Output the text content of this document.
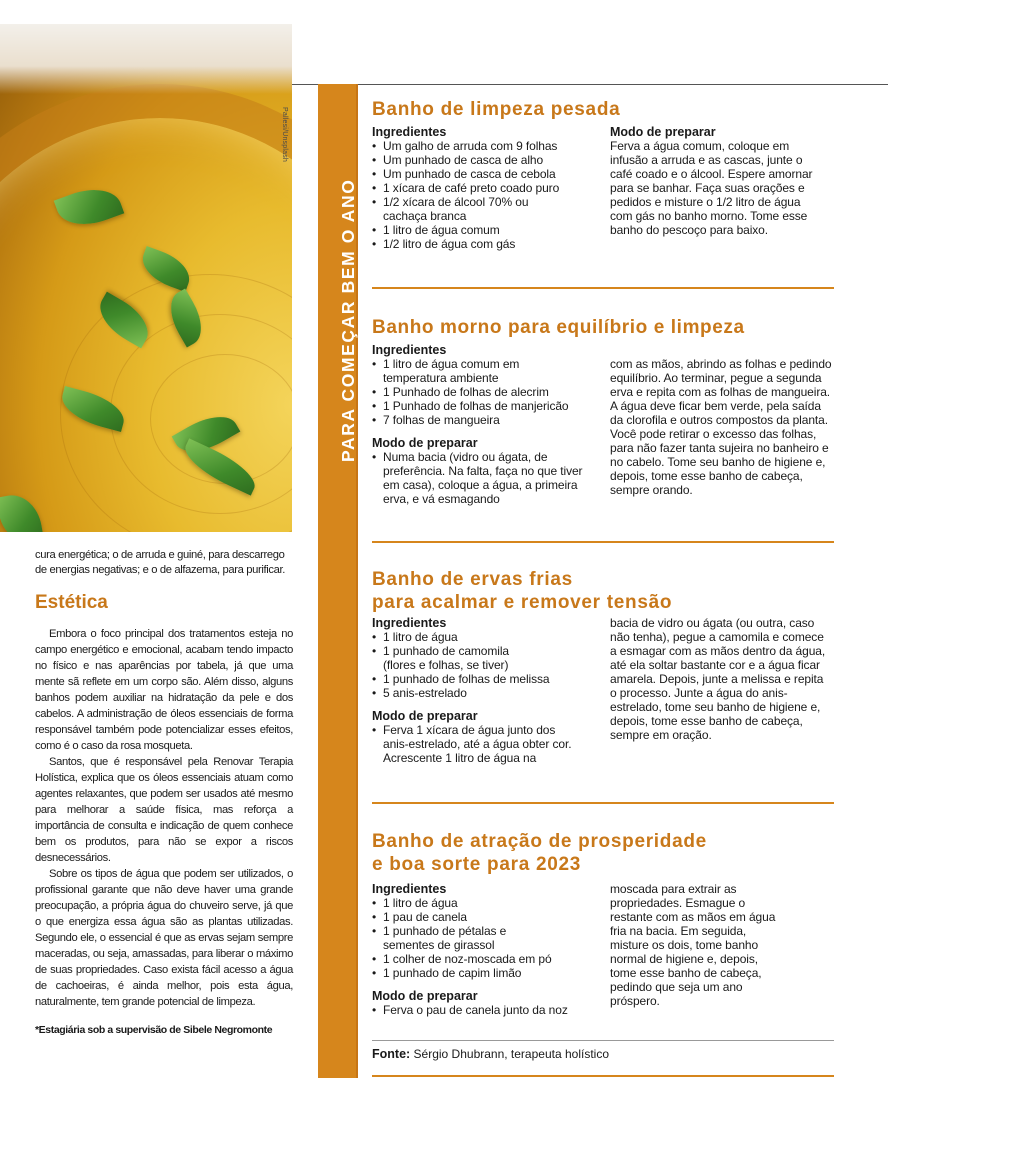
Pallesi/Unsplash

cura energética; o de arruda e guiné, para descarrego de energias negativas; e o de alfazema, para purificar.

Estética

Embora o foco principal dos tratamentos esteja no campo energético e emocional, acabam tendo impacto no físico e nas aparências por tabela, já que uma mente sã reflete em um corpo são. Além disso, alguns banhos podem auxiliar na hidratação da pele e dos cabelos. A administração de óleos essenciais de forma responsável também pode potencializar esses efeitos, como é o caso da rosa mosqueta.

Santos, que é responsável pela Renovar Terapia Holística, explica que os óleos essenciais atuam como agentes relaxantes, que podem ser usados até mesmo para melhorar a saúde física, mas reforça a importância de consulta e indicação de quem conhece bem os produtos, para não se expor a riscos desnecessários.

Sobre os tipos de água que podem ser utilizados, o profissional garante que não deve haver uma grande preocupação, a própria água do chuveiro serve, já que o que energiza essa água são as plantas utilizadas. Segundo ele, o essencial é que as ervas sejam sempre maceradas, ou seja, amassadas, para liberar o máximo de suas propriedades. Caso exista fácil acesso a água de cachoeiras, é ainda melhor, pois esta água, naturalmente, tem grande potencial de limpeza.

*Estagiária sob a supervisão de Sibele Negromonte

PARA COMEÇAR BEM O ANO
Banho de limpeza pesada
Ingredientes
• Um galho de arruda com 9 folhas
• Um punhado de casca de alho
• Um punhado de casca de cebola
• 1 xícara de café preto coado puro
• 1/2 xícara de álcool 70% ou cachaça branca
• 1 litro de água comum
• 1/2 litro de água com gás
Modo de preparar

Ferva a água comum, coloque em infusão a arruda e as cascas, junte o café coado e o álcool. Espere amornar para se banhar. Faça suas orações e pedidos e misture o 1/2 litro de água com gás no banho morno. Tome esse banho do pescoço para baixo.

Banho morno para equilíbrio e limpeza
Ingredientes
• 1 litro de água comum em temperatura ambiente
• 1 Punhado de folhas de alecrim
• 1 Punhado de folhas de manjericão
• 7 folhas de mangueira
Modo de preparar
• Numa bacia (vidro ou ágata, de preferência. Na falta, faça no que tiver em casa), coloque a água, a primeira erva, e vá esmagando

com as mãos, abrindo as folhas e pedindo equilíbrio. Ao terminar, pegue a segunda erva e repita com as folhas de mangueira. A água deve ficar bem verde, pela saída da clorofila e outros compostos da planta. Você pode retirar o excesso das folhas, para não fazer tanta sujeira no banheiro e no cabelo. Tome seu banho de higiene e, depois, tome esse banho de cabeça, sempre orando.

Banho de ervas frias
para acalmar e remover tensão
Ingredientes
• 1 litro de água
• 1 punhado de camomila (flores e folhas, se tiver)
• 1 punhado de folhas de melissa
• 5 anis-estrelado
Modo de preparar
• Ferva 1 xícara de água junto dos anis-estrelado, até a água obter cor. Acrescente 1 litro de água na

bacia de vidro ou ágata (ou outra, caso não tenha), pegue a camomila e comece a esmagar com as mãos dentro da água, até ela soltar bastante cor e a água ficar amarela. Depois, junte a melissa e repita o processo. Junte a água do anis-estrelado, tome seu banho de higiene e, depois, tome esse banho de cabeça, sempre em oração.

Banho de atração de prosperidade
e boa sorte para 2023
Ingredientes
• 1 litro de água
• 1 pau de canela
• 1 punhado de pétalas e sementes de girassol
• 1 colher de noz-moscada em pó
• 1 punhado de capim limão
Modo de preparar
• Ferva o pau de canela junto da noz

moscada para extrair as propriedades. Esmague o restante com as mãos em água fria na bacia. Em seguida, misture os dois, tome banho normal de higiene e, depois, tome esse banho de cabeça, pedindo que seja um ano próspero.

Fonte: Sérgio Dhubrann, terapeuta holístico
